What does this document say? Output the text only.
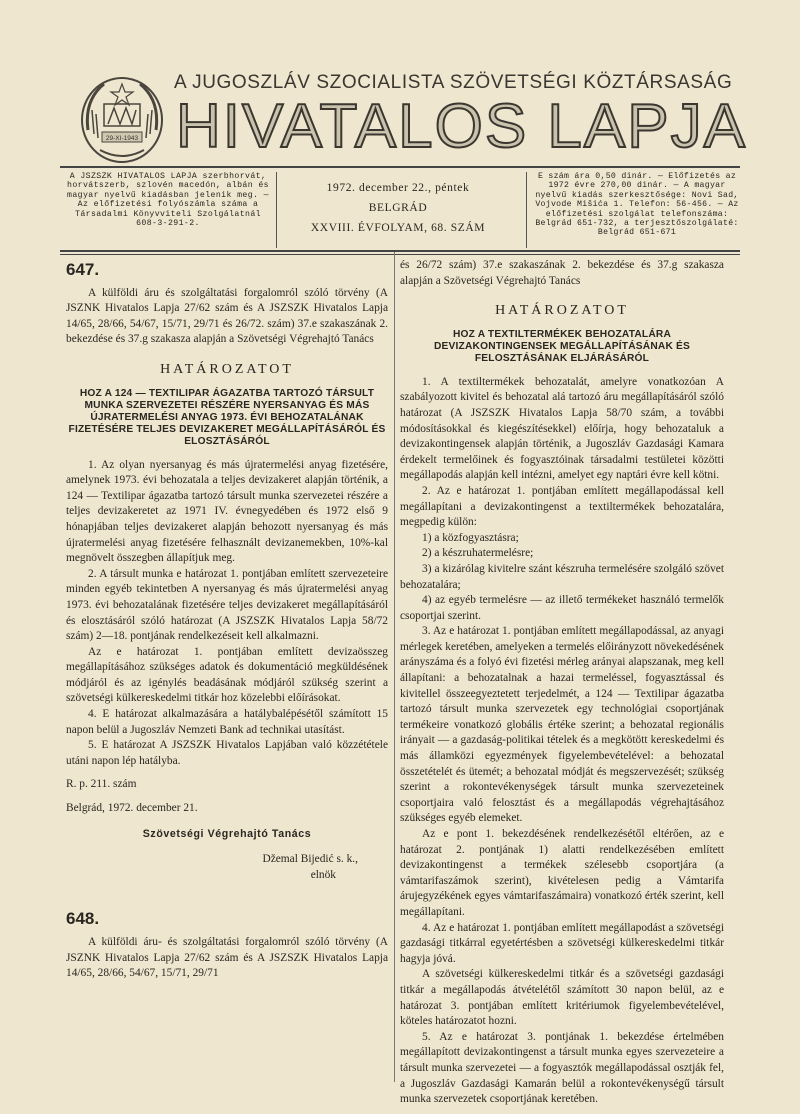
29-XI-1943
A JUGOSZLÁV SZOCIALISTA SZÖVETSÉGI KÖZTÁRSASÁG
HIVATALOS LAPJA
A JSZSZK HIVATALOS LAPJA szerbhorvát, horvátszerb, szlovén macedón, albán és magyar nyelvű kiadásban jelenik meg. — Az előfizetési folyószámla száma a Társadalmi Könyvviteli Szolgálatnál 608-3-291-2.
1972. december 22., péntek
BELGRÁD
XXVIII. ÉVFOLYAM, 68. SZÁM
E szám ára 0,50 dinár. — Előfizetés az 1972 évre 270,00 dinár. — A magyar nyelvű kiadás szerkesztősége: Novi Sad, Vojvode Mišića 1. Telefon: 56-456. — Az előfizetési szolgálat telefonszáma: Belgrád 651-732, a terjesztőszolgálaté: Belgrád 651-671
647.

A külföldi áru és szolgáltatási forgalomról szóló törvény (A JSZNK Hivatalos Lapja 27/62 szám és A JSZSZK Hivatalos Lapja 14/65, 28/66, 54/67, 15/71, 29/71 és 26/72. szám) 37.e szakaszának 2. bekezdése és 37.g szakasza alapján a Szövetségi Végrehajtó Tanács

HATÁROZATOT

HOZ A 124 — TEXTILIPAR ÁGAZATBA TARTOZÓ TÁRSULT MUNKA SZERVEZETEI RÉSZÉRE NYERSANYAG ÉS MÁS ÚJRATERMELÉSI ANYAG 1973. ÉVI BEHOZATALÁNAK FIZETÉSÉRE TELJES DEVIZAKERET MEGÁLLAPÍTÁSÁRÓL ÉS ELOSZTÁSÁRÓL

1. Az olyan nyersanyag és más újratermelési anyag fizetésére, amelynek 1973. évi behozatala a teljes devizakeret alapján történik, a 124 — Textilipar ágazatba tartozó társult munka szervezetei részére a teljes devizakeretet az 1971 IV. évnegyedében és 1972 első 9 hónapjában teljes devizakeret alapján behozott nyersanyag és más újratermelési anyag fizetésére felhasznált devizanemekben, 10%-kal megnövelt összegben állapítjuk meg.

2. A társult munka e határozat 1. pontjában említett szervezeteire minden egyéb tekintetben A nyersanyag és más újratermelési anyag 1973. évi behozatalának fizetésére teljes devizakeret megállapításáról és elosztásáról szóló határozat (A JSZSZK Hivatalos Lapja 58/72 szám) 2—18. pontjának rendelkezéseit kell alkalmazni.

Az e határozat 1. pontjában említett devizaösszeg megállapításához szükséges adatok és dokumentáció megküldésének módjáról és az igénylés beadásának módjáról szükség szerint a szövetségi külkereskedelmi titkár hoz közelebbi előírásokat.

4. E határozat alkalmazására a hatálybalépésétől számított 15 napon belül a Jugoszláv Nemzeti Bank ad technikai utasítást.

5. E határozat A JSZSZK Hivatalos Lapjában való közzététele utáni napon lép hatályba.

R. p. 211. szám

Belgrád, 1972. december 21.

Szövetségi Végrehajtó Tanács

Džemal Bijedić s. k.,

elnök

648.

A külföldi áru- és szolgáltatási forgalomról szóló törvény (A JSZNK Hivatalos Lapja 27/62 szám és A JSZSZK Hivatalos Lapja 14/65, 28/66, 54/67, 15/71, 29/71

és 26/72 szám) 37.e szakaszának 2. bekezdése és 37.g szakasza alapján a Szövetségi Végrehajtó Tanács

HATÁROZATOT

HOZ A TEXTILTERMÉKEK BEHOZATALÁRA DEVIZAKONTINGENSEK MEGÁLLAPÍTÁSÁNAK ÉS FELOSZTÁSÁNAK ELJÁRÁSÁRÓL

1. A textiltermékek behozatalát, amelyre vonatkozóan A szabályozott kivitel és behozatal alá tartozó áru megállapításáról szóló határozat (A JSZSZK Hivatalos Lapja 58/70 szám, a további módosításokkal és kiegészítésekkel) előírja, hogy behozataluk a devizakontingensek alapján történik, a Jugoszláv Gazdasági Kamara érdekelt termelőinek és fogyasztóinak társadalmi testületei közötti megállapodás alapján kell intézni, amelyet egy naptári évre kell kötni.

2. Az e határozat 1. pontjában említett megállapodással kell megállapítani a devizakontingenst a textiltermékek behozatalára, megpedig külön:

1) a közfogyasztásra;
2) a készruhatermelésre;
3) a kizárólag kivitelre szánt készruha termelésére szolgáló szövet behozatalára;
4) az egyéb termelésre — az illető termékeket használó termelők csoportjai szerint.

3. Az e határozat 1. pontjában említett megállapodással, az anyagi mérlegek keretében, amelyeken a termelés előirányzott növekedésének arányszáma és a folyó évi fizetési mérleg arányai alapszanak, meg kell állapítani: a behozatalnak a hazai termeléssel, fogyasztással és kivitellel összeegyeztetett terjedelmét, a 124 — Textilipar ágazatba tartozó társult munka szervezetek egy technológiai csoportjának termékeire vonatkozó globális értéke szerint; a behozatal regionális irányait — a gazdaság-politikai tételek és a megkötött kereskedelmi és más államközi egyezmények figyelembevételével: a behozatal összetételét és ütemét; a behozatal módját és megszervezését; szükség szerint a rokontevékenységek társult munka szervezeteinek csoportjaira való felosztást és a megállapodás végrehajtásához szükséges egyéb elemeket.

Az e pont 1. bekezdésének rendelkezésétől eltérően, az e határozat 2. pontjának 1) alatti rendelkezésében említett devizakontingenst a termékek szélesebb csoportjára (a vámtarifaszámok szerint), kivételesen pedig a Vámtarifa árujegyzékének egyes vámtarifaszámaira) vonatkozó érték szerint, kell megállapítani.

4. Az e határozat 1. pontjában említett megállapodást a szövetségi gazdasági titkárral egyetértésben a szövetségi külkereskedelmi titkár hagyja jóvá.

A szövetségi külkereskedelmi titkár és a szövetségi gazdasági titkár a megállapodás átvételétől számított 30 napon belül, az e határozat 3. pontjában említett kritériumok figyelembevételével, köteles határozatot hozni.

5. Az e határozat 3. pontjának 1. bekezdése értelmében megállapított devizakontingenst a társult munka egyes szervezeteire a társult munka szervezetei — a fogyasztók megállapodással osztják fel, a Jugoszláv Gazdasági Kamarán belül a rokontevékenységű társult munka szervezetek csoportjának keretében.
